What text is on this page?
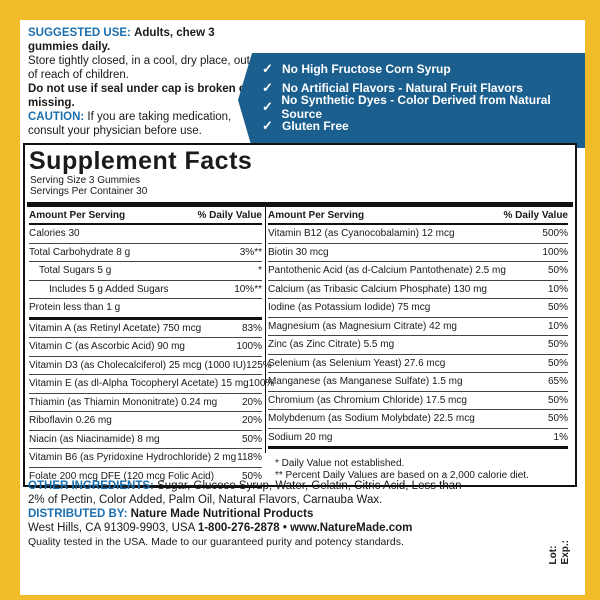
SUGGESTED USE: Adults, chew 3 gummies daily.
Store tightly closed, in a cool, dry place, out of reach of children.
Do not use if seal under cap is broken or missing.
CAUTION: If you are taking medication, consult your physician before use.
✓ No High Fructose Corn Syrup
✓ No Artificial Flavors - Natural Fruit Flavors
✓ No Synthetic Dyes - Color Derived from Natural Source
✓ Gluten Free
Supplement Facts
Serving Size 3 Gummies
Servings Per Container 30
Amount Per Serving	% Daily Value
Calories 30
Total Carbohydrate 8 g	3%**
Total Sugars 5 g	*
Includes 5 g Added Sugars	10%**
Protein less than 1 g
Vitamin A (as Retinyl Acetate) 750 mcg	83%
Vitamin C (as Ascorbic Acid) 90 mg	100%
Vitamin D3 (as Cholecalciferol) 25 mcg (1000 IU) 125%
Vitamin E (as dl-Alpha Tocopheryl Acetate) 15 mg 100%
Thiamin (as Thiamin Mononitrate) 0.24 mg 20%
Riboflavin 0.26 mg	20%
Niacin (as Niacinamide) 8 mg	50%
Vitamin B6 (as Pyridoxine Hydrochloride) 2 mg 118%
Folate 200 mcg DFE (120 mcg Folic Acid)	50%
Amount Per Serving	% Daily Value
Vitamin B12 (as Cyanocobalamin) 12 mcg	500%
Biotin 30 mcg	100%
Pantothenic Acid (as d-Calcium Pantothenate) 2.5 mg	50%
Calcium (as Tribasic Calcium Phosphate) 130 mg	10%
Iodine (as Potassium Iodide) 75 mcg	50%
Magnesium (as Magnesium Citrate) 42 mg	10%
Zinc (as Zinc Citrate) 5.5 mg	50%
Selenium (as Selenium Yeast) 27.6 mcg	50%
Manganese (as Manganese Sulfate) 1.5 mg	65%
Chromium (as Chromium Chloride) 17.5 mcg	50%
Molybdenum (as Sodium Molybdate) 22.5 mcg	50%
Sodium 20 mg	1%
* Daily Value not established.
** Percent Daily Values are based on a 2,000 calorie diet.
OTHER INGREDIENTS: Sugar, Glucose Syrup, Water, Gelatin, Citric Acid, Less than 2% of Pectin, Color Added, Palm Oil, Natural Flavors, Carnauba Wax.
DISTRIBUTED BY: Nature Made Nutritional Products
West Hills, CA 91309-9903, USA 1-800-276-2878 • www.NatureMade.com
Quality tested in the USA. Made to our guaranteed purity and potency standards.
Lot: Exp.:
